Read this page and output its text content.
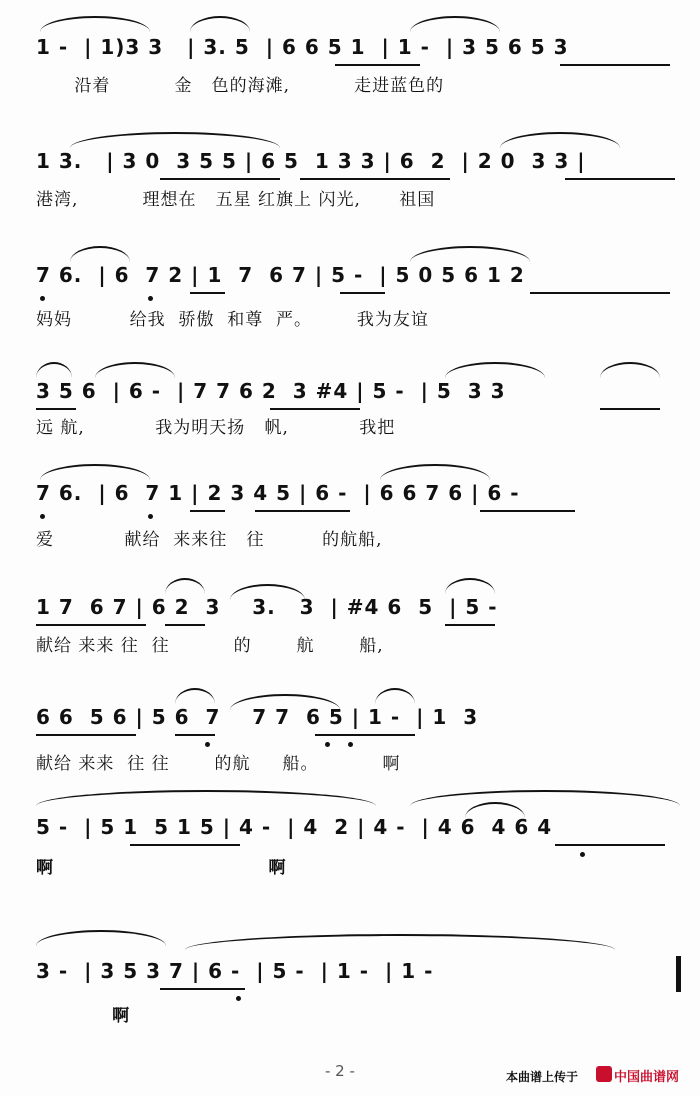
1 -  | 1)3 3   | 3. 5  | 6 6 5 1  | 1 -  | 3 5 6 5 3
沿着          金   色的海滩,          走进蓝色的
1 3.   | 3 0  3 5 5 | 6 5  1 3 3 | 6  2  | 2 0  3 3 |
港湾,          理想在   五星 红旗上 闪光,      祖国
7 6.  | 6  7 2 | 1  7  6 7 | 5 -  | 5 0 5 6 1 2
妈妈         给我  骄傲  和尊  严。       我为友谊
3 5 6  | 6 -  | 7 7 6 2  3 #4 | 5 -  | 5  3 3
远 航,           我为明天扬   帆,           我把
7 6.  | 6  7 1 | 2 3 4 5 | 6 -  | 6 6 7 6 | 6 -
爱           献给  来来往   往         的航船,
1 7  6 7 | 6 2  3    3.   3  | #4 6  5  | 5 -
献给 来来 往  往          的       航       船,
6 6  5 6 | 5 6  7    7 7  6 5 | 1 -  | 1  3
献给 来来  往 往       的航     船。          啊
5 -  | 5 1  5 1 5 | 4 -  | 4  2 | 4 -  | 4 6  4 6 4
啊                               啊
3 -  | 3 5 3 7 | 6 -  | 5 -  | 1 -  | 1 -
啊
- 2 -	本曲谱上传于	中国曲谱网
